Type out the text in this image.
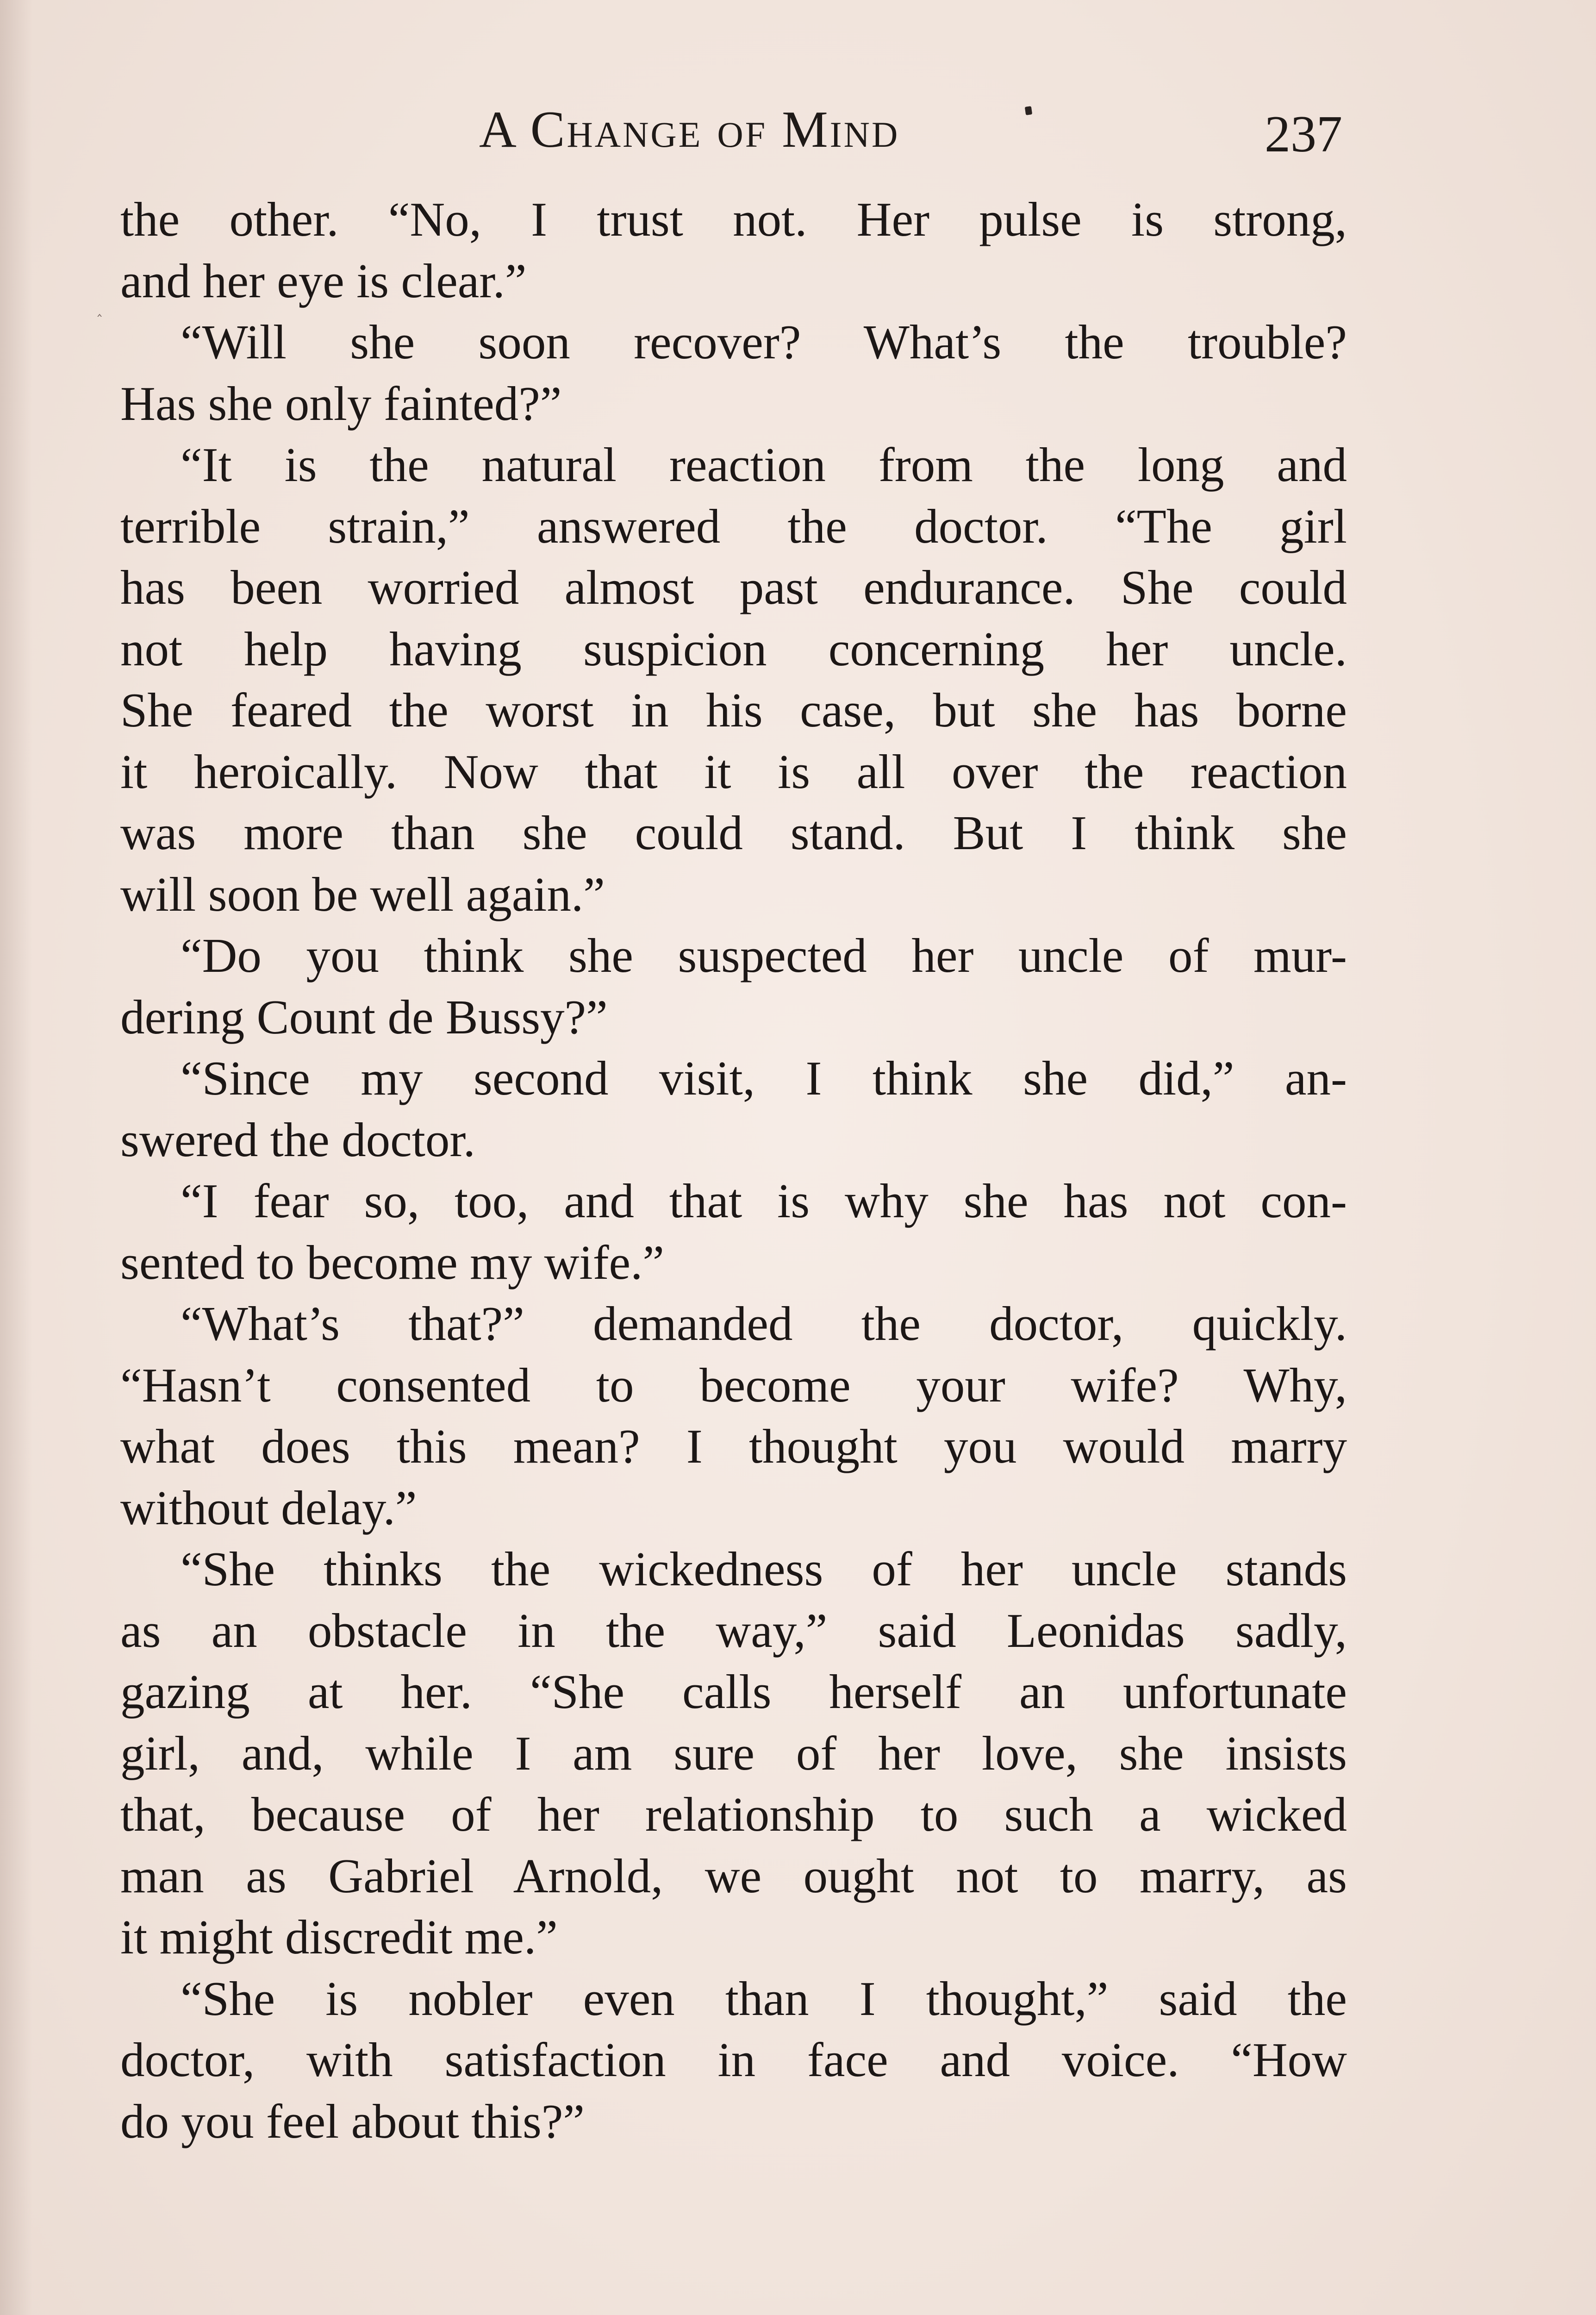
A Change of Mind	237
‸
the other. “No, I trust not. Her pulse is strong,
and her eye is clear.”
“Will she soon recover? What’s the trouble?
Has she only fainted?”
“It is the natural reaction from the long and
terrible strain,” answered the doctor. “The girl
has been worried almost past endurance. She could
not help having suspicion concerning her uncle.
She feared the worst in his case, but she has borne
it heroically. Now that it is all over the reaction
was more than she could stand. But I think she
will soon be well again.”
“Do you think she suspected her uncle of mur-
dering Count de Bussy?”
“Since my second visit, I think she did,” an-
swered the doctor.
“I fear so, too, and that is why she has not con-
sented to become my wife.”
“What’s that?” demanded the doctor, quickly.
“Hasn’t consented to become your wife? Why,
what does this mean? I thought you would marry
without delay.”
“She thinks the wickedness of her uncle stands
as an obstacle in the way,” said Leonidas sadly,
gazing at her. “She calls herself an unfortunate
girl, and, while I am sure of her love, she insists
that, because of her relationship to such a wicked
man as Gabriel Arnold, we ought not to marry, as
it might discredit me.”
“She is nobler even than I thought,” said the
doctor, with satisfaction in face and voice. “How
do you feel about this?”
